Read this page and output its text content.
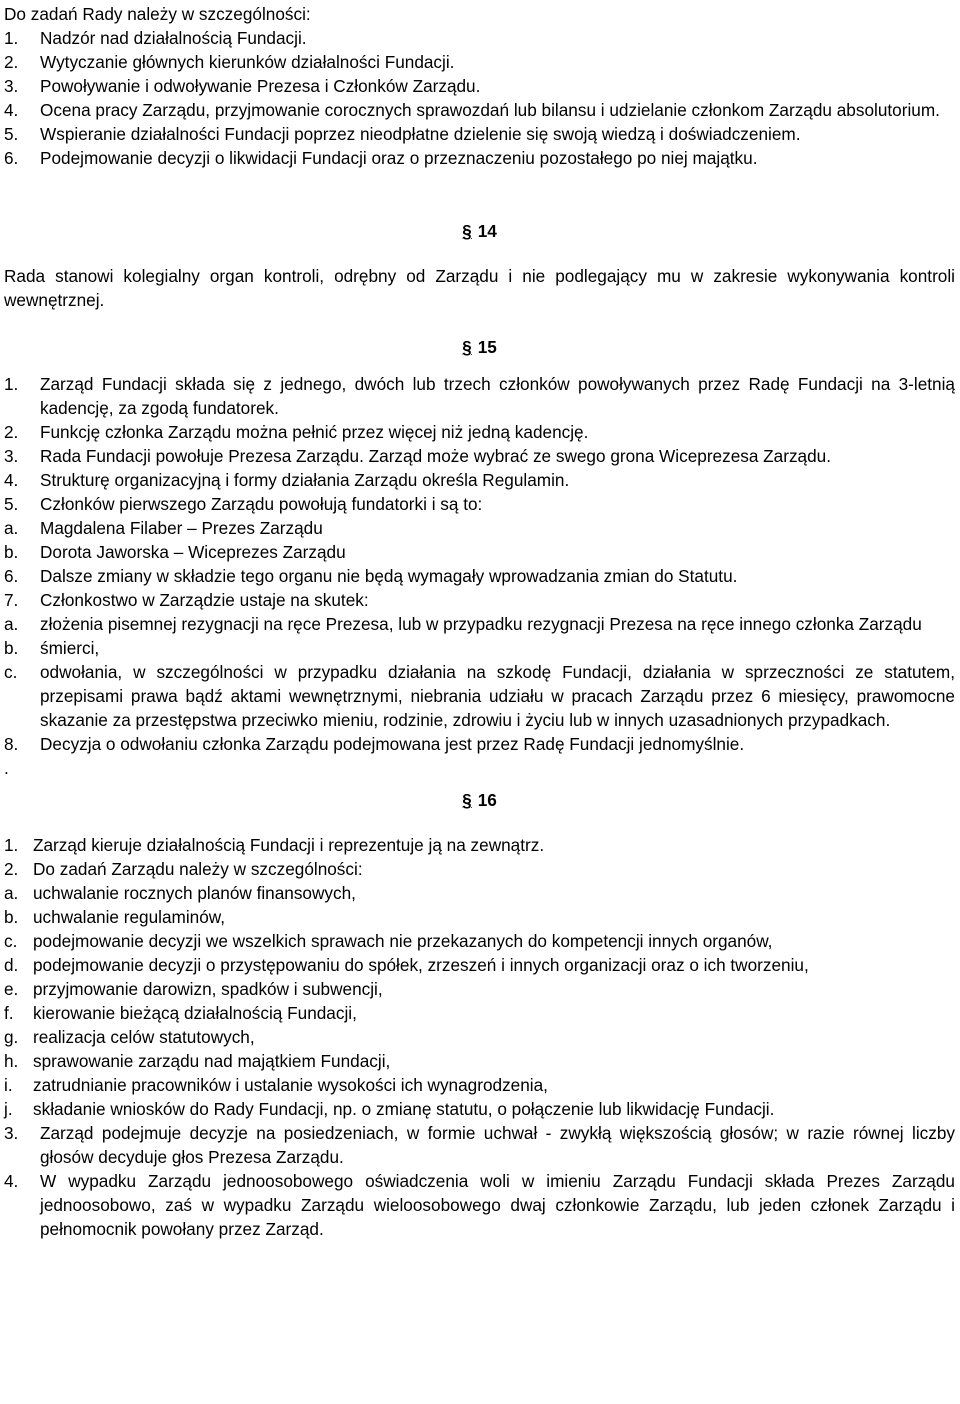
Do zadań Rady należy w szczególności:
1.	Nadzór nad działalnością Fundacji.
2.	Wytyczanie głównych kierunków działalności Fundacji.
3.	Powoływanie i odwoływanie Prezesa i Członków Zarządu.
4.	Ocena pracy Zarządu, przyjmowanie corocznych sprawozdań lub bilansu i udzielanie członkom Zarządu absolutorium.
5.	Wspieranie działalności Fundacji poprzez nieodpłatne dzielenie się swoją wiedzą i doświadczeniem.
6.	Podejmowanie decyzji o likwidacji Fundacji oraz o przeznaczeniu pozostałego po niej majątku.
§ 14
Rada stanowi kolegialny organ kontroli, odrębny od Zarządu i nie podlegający mu w zakresie wykonywania kontroli wewnętrznej.
§ 15
1.	Zarząd Fundacji składa się z jednego, dwóch lub trzech członków powoływanych przez Radę Fundacji na 3-letnią kadencję, za zgodą fundatorek.
2.	Funkcję członka Zarządu można pełnić przez więcej niż jedną kadencję.
3.	Rada Fundacji powołuje Prezesa Zarządu. Zarząd może wybrać ze swego grona Wiceprezesa Zarządu.
4.	Strukturę organizacyjną i formy działania Zarządu określa Regulamin.
5.	Członków pierwszego Zarządu powołują fundatorki i są to:
a.	Magdalena Filaber – Prezes Zarządu
b.	Dorota Jaworska – Wiceprezes Zarządu
6.	Dalsze zmiany w składzie tego organu nie będą wymagały wprowadzania zmian do Statutu.
7.	Członkostwo w Zarządzie ustaje na skutek:
a.	złożenia pisemnej rezygnacji na ręce Prezesa, lub w przypadku rezygnacji Prezesa na ręce innego członka Zarządu
b.	śmierci,
c.	odwołania, w szczególności w przypadku działania na szkodę Fundacji, działania w sprzeczności ze statutem, przepisami prawa bądź aktami wewnętrznymi, niebrania udziału w pracach Zarządu przez 6 miesięcy, prawomocne skazanie za przestępstwa przeciwko mieniu, rodzinie, zdrowiu i życiu lub w innych uzasadnionych przypadkach.
8.	Decyzja o odwołaniu członka Zarządu podejmowana jest przez Radę Fundacji jednomyślnie.
.
§ 16
1. Zarząd kieruje działalnością Fundacji i reprezentuje ją na zewnątrz.
2. Do zadań Zarządu należy w szczególności:
a. uchwalanie rocznych planów finansowych,
b. uchwalanie regulaminów,
c. podejmowanie decyzji we wszelkich sprawach nie przekazanych do kompetencji innych organów,
d. podejmowanie decyzji o przystępowaniu do spółek, zrzeszeń i innych organizacji oraz o ich tworzeniu,
e. przyjmowanie darowizn, spadków i subwencji,
f.	kierowanie bieżącą działalnością Fundacji,
g. realizacja celów statutowych,
h. sprawowanie zarządu nad majątkiem Fundacji,
i.	zatrudnianie pracowników i ustalanie wysokości ich wynagrodzenia,
j.	składanie wniosków do Rady Fundacji, np. o zmianę statutu, o połączenie lub likwidację Fundacji.
3.	Zarząd podejmuje decyzje na posiedzeniach, w formie uchwał - zwykłą większością głosów; w razie równej liczby głosów decyduje głos Prezesa Zarządu.
4.	W wypadku Zarządu jednoosobowego oświadczenia woli w imieniu Zarządu Fundacji składa Prezes Zarządu jednoosobowo, zaś w wypadku Zarządu wieloosobowego dwaj członkowie Zarządu, lub jeden członek Zarządu i pełnomocnik powołany przez Zarząd.
